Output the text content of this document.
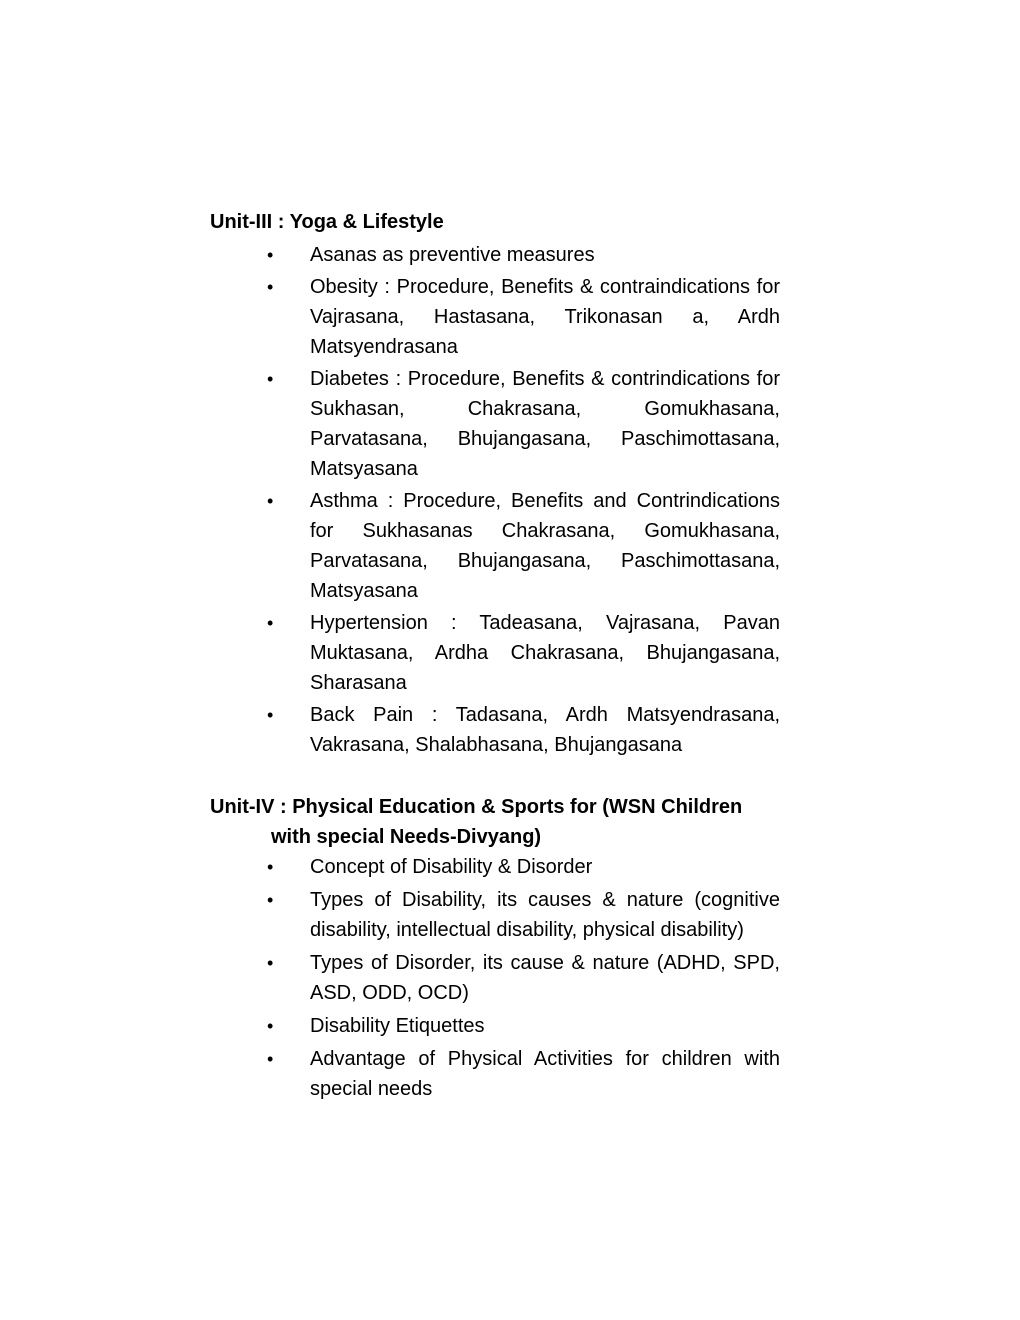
Unit-III : Yoga & Lifestyle
• Asanas as preventive measures
• Obesity : Procedure, Benefits & contraindications for Vajrasana, Hastasana, Trikonasan a, Ardh Matsyendrasana
• Diabetes : Procedure, Benefits & contrindications for Sukhasan, Chakrasana, Gomukhasana, Parvatasana, Bhujangasana, Paschimottasana, Matsyasana
• Asthma : Procedure, Benefits and Contrindications for Sukhasanas Chakrasana, Gomukhasana, Parvatasana, Bhujangasana, Paschimottasana, Matsyasana
• Hypertension : Tadeasana, Vajrasana, Pavan Muktasana, Ardha Chakrasana, Bhujangasana, Sharasana
• Back Pain : Tadasana, Ardh Matsyendrasana, Vakrasana, Shalabhasana, Bhujangasana
Unit-IV : Physical Education & Sports for (WSN Children
with special Needs-Divyang)
• Concept of Disability & Disorder
• Types of Disability, its causes & nature (cognitive disability, intellectual disability, physical disability)
• Types of Disorder, its cause & nature (ADHD, SPD, ASD, ODD, OCD)
• Disability Etiquettes
• Advantage of Physical Activities for children with special needs
